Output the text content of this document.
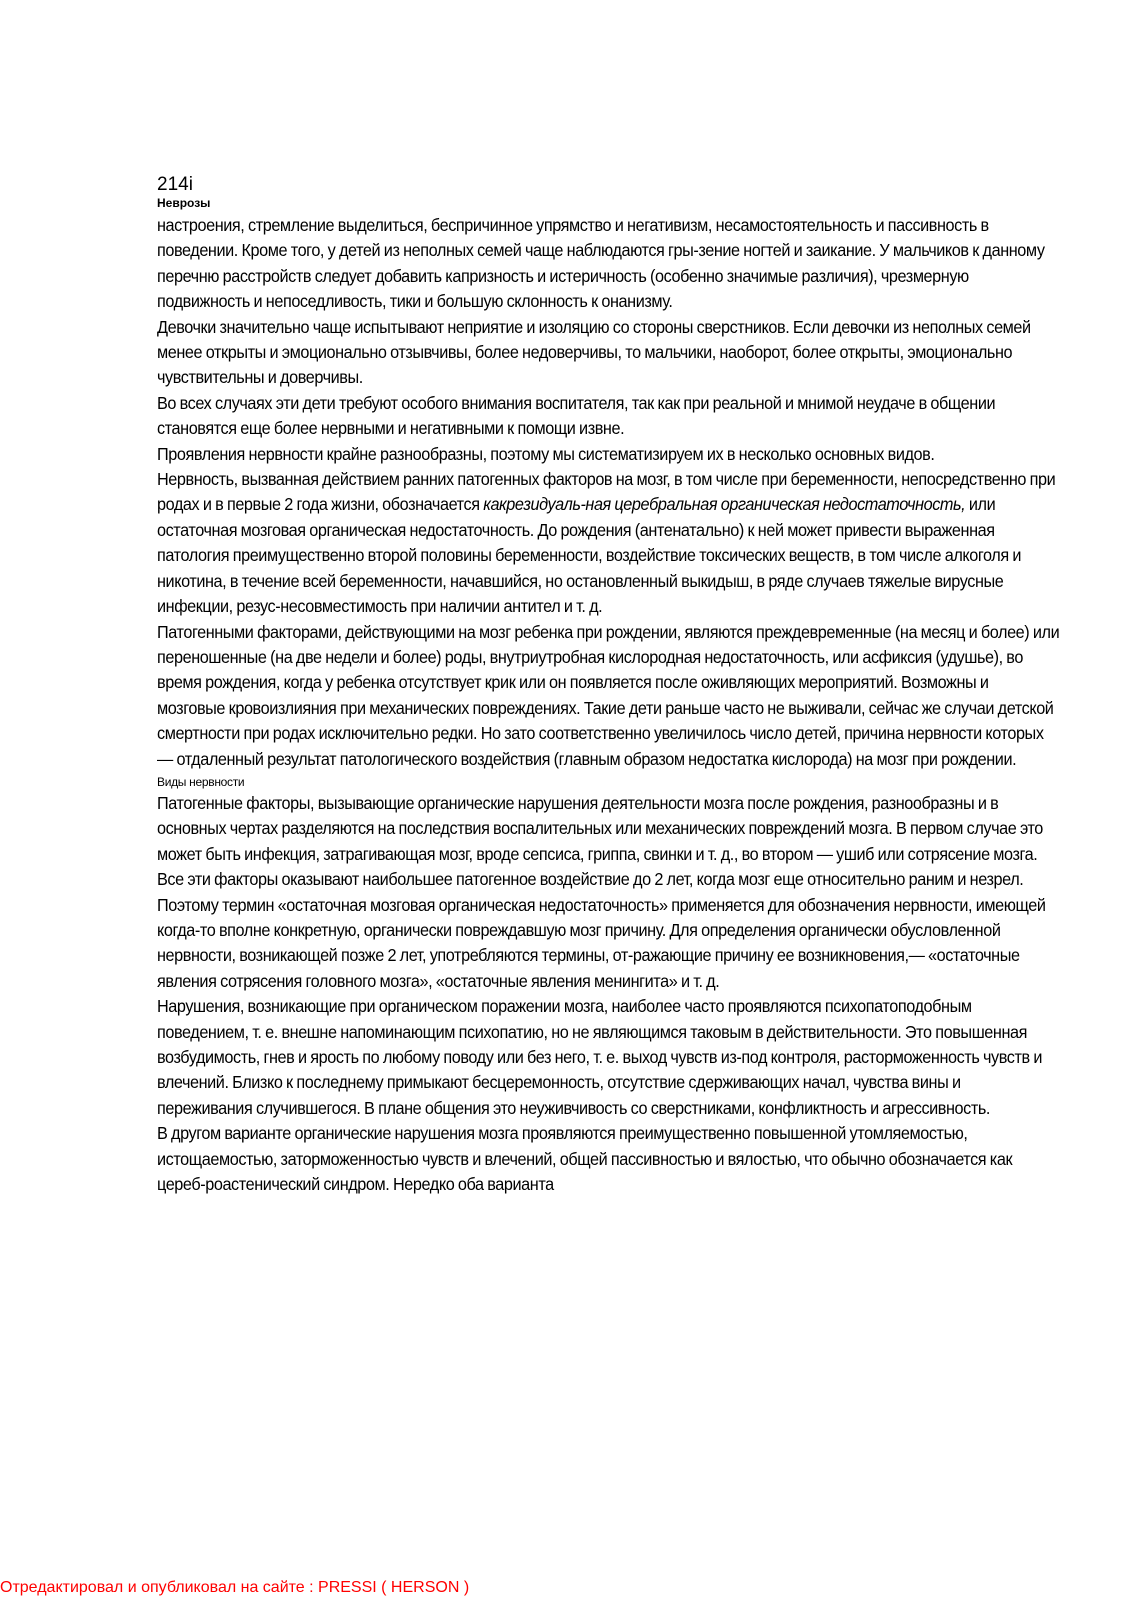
214i
Неврозы

настроения, стремление выделиться, беспричинное упрямство и негативизм, несамостоятельность и пассивность в поведении. Кроме того, у детей из неполных семей чаще наблюдаются гры-зение ногтей и заикание. У мальчиков к данному перечню расстройств следует добавить капризность и истеричность (особенно значимые различия), чрезмерную подвижность и непоседливость, тики и большую склонность к онанизму.

Девочки значительно чаще испытывают неприятие и изоляцию со стороны сверстников. Если девочки из неполных семей менее открыты и эмоционально отзывчивы, более недоверчивы, то мальчики, наоборот, более открыты, эмоционально чувствительны и доверчивы.

Во всех случаях эти дети требуют особого внимания воспитателя, так как при реальной и мнимой неудаче в общении становятся еще более нервными и негативными к помощи извне.

Проявления нервности крайне разнообразны, поэтому мы систематизируем их в несколько основных видов.

Нервность, вызванная действием ранних патогенных факторов на мозг, в том числе при беременности, непосредственно при родах и в первые 2 года жизни, обозначается какрезидуаль-ная церебральная органическая недостаточность, или остаточная мозговая органическая недостаточность. До рождения (антенатально) к ней может привести выраженная патология преимущественно второй половины беременности, воздействие токсических веществ, в том числе алкоголя и никотина, в течение всей беременности, начавшийся, но остановленный выкидыш, в ряде случаев тяжелые вирусные инфекции, резус-несовместимость при наличии антител и т. д.

Патогенными факторами, действующими на мозг ребенка при рождении, являются преждевременные (на месяц и более) или переношенные (на две недели и более) роды, внутриутробная кислородная недостаточность, или асфиксия (удушье), во время рождения, когда у ребенка отсутствует крик или он появляется после оживляющих мероприятий. Возможны и мозговые кровоизлияния при механических повреждениях. Такие дети раньше часто не выживали, сейчас же случаи детской смертности при родах исключительно редки. Но зато соответственно увеличилось число детей, причина нервности которых — отдаленный результат патологического воздействия (главным образом недостатка кислорода) на мозг при рождении.

Виды нервности

Патогенные факторы, вызывающие органические нарушения деятельности мозга после рождения, разнообразны и в основных чертах разделяются на последствия воспалительных или механических повреждений мозга. В первом случае это может быть инфекция, затрагивающая мозг, вроде сепсиса, гриппа, свинки и т. д., во втором — ушиб или сотрясение мозга. Все эти факторы оказывают наибольшее патогенное воздействие до 2 лет, когда мозг еще относительно раним и незрел. Поэтому термин «остаточная мозговая органическая недостаточность» применяется для обозначения нервности, имеющей когда-то вполне конкретную, органически повреждавшую мозг причину. Для определения органически обусловленной нервности, возникающей позже 2 лет, употребляются термины, от-ражающие причину ее возникновения,— «остаточные явления сотрясения головного мозга», «остаточные явления менингита» и т. д.

Нарушения, возникающие при органическом поражении мозга, наиболее часто проявляются психопатоподобным поведением, т. е. внешне напоминающим психопатию, но не являющимся таковым в действительности. Это повышенная возбудимость, гнев и ярость по любому поводу или без него, т. е. выход чувств из-под контроля, расторможенность чувств и влечений. Близко к последнему примыкают бесцеремонность, отсутствие сдерживающих начал, чувства вины и переживания случившегося. В плане общения это неуживчивость со сверстниками, конфликтность и агрессивность.

В другом варианте органические нарушения мозга проявляются преимущественно повышенной утомляемостью, истощаемостью, заторможенностью чувств и влечений, общей пассивностью и вялостью, что обычно обозначается как цереб-роастенический синдром. Нередко оба варианта

Отредактировал и опубликовал на сайте : PRESSI ( HERSON )
